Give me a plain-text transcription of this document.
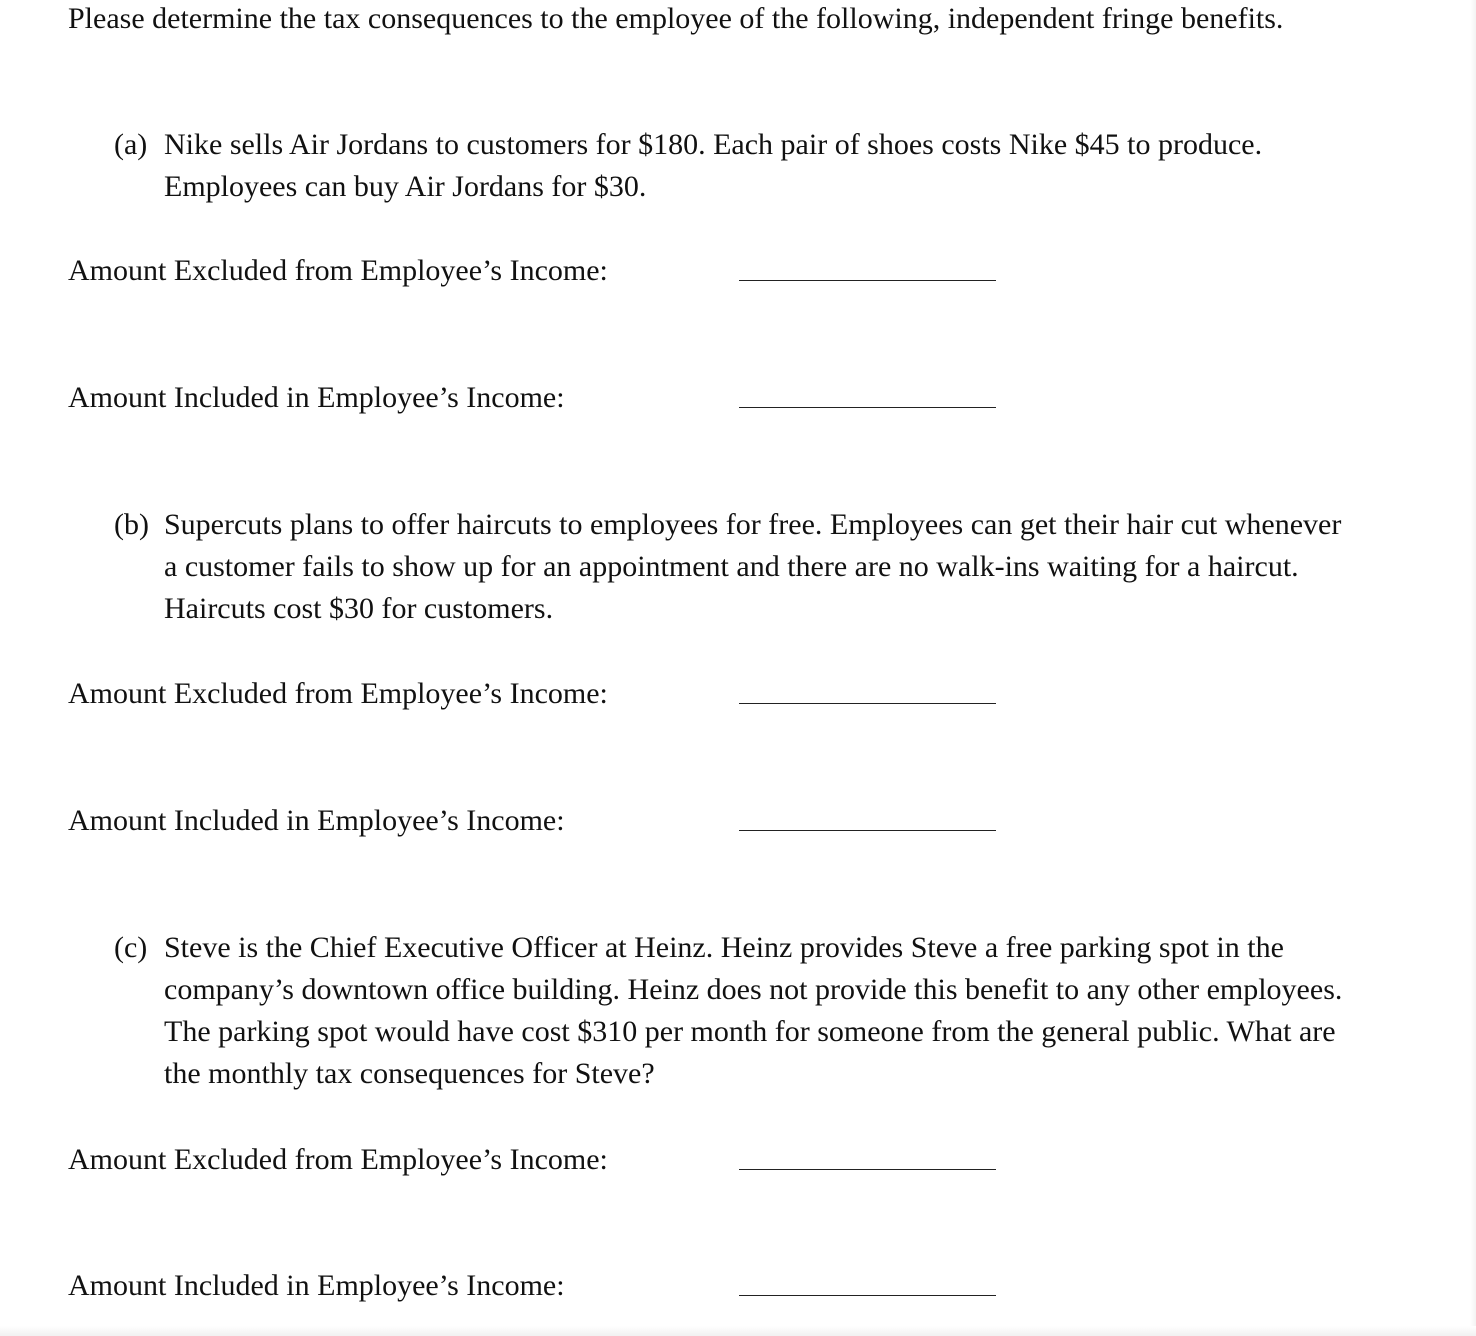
Please determine the tax consequences to the employee of the following, independent fringe benefits.

(a) Nike sells Air Jordans to customers for $180. Each pair of shoes costs Nike $45 to produce. Employees can buy Air Jordans for $30.
Amount Excluded from Employee’s Income:
Amount Included in Employee’s Income:
(b) Supercuts plans to offer haircuts to employees for free. Employees can get their hair cut whenever a customer fails to show up for an appointment and there are no walk-ins waiting for a haircut. Haircuts cost $30 for customers.
Amount Excluded from Employee’s Income:
Amount Included in Employee’s Income:
(c) Steve is the Chief Executive Officer at Heinz. Heinz provides Steve a free parking spot in the company’s downtown office building. Heinz does not provide this benefit to any other employees. The parking spot would have cost $310 per month for someone from the general public. What are the monthly tax consequences for Steve?
Amount Excluded from Employee’s Income:
Amount Included in Employee’s Income:
